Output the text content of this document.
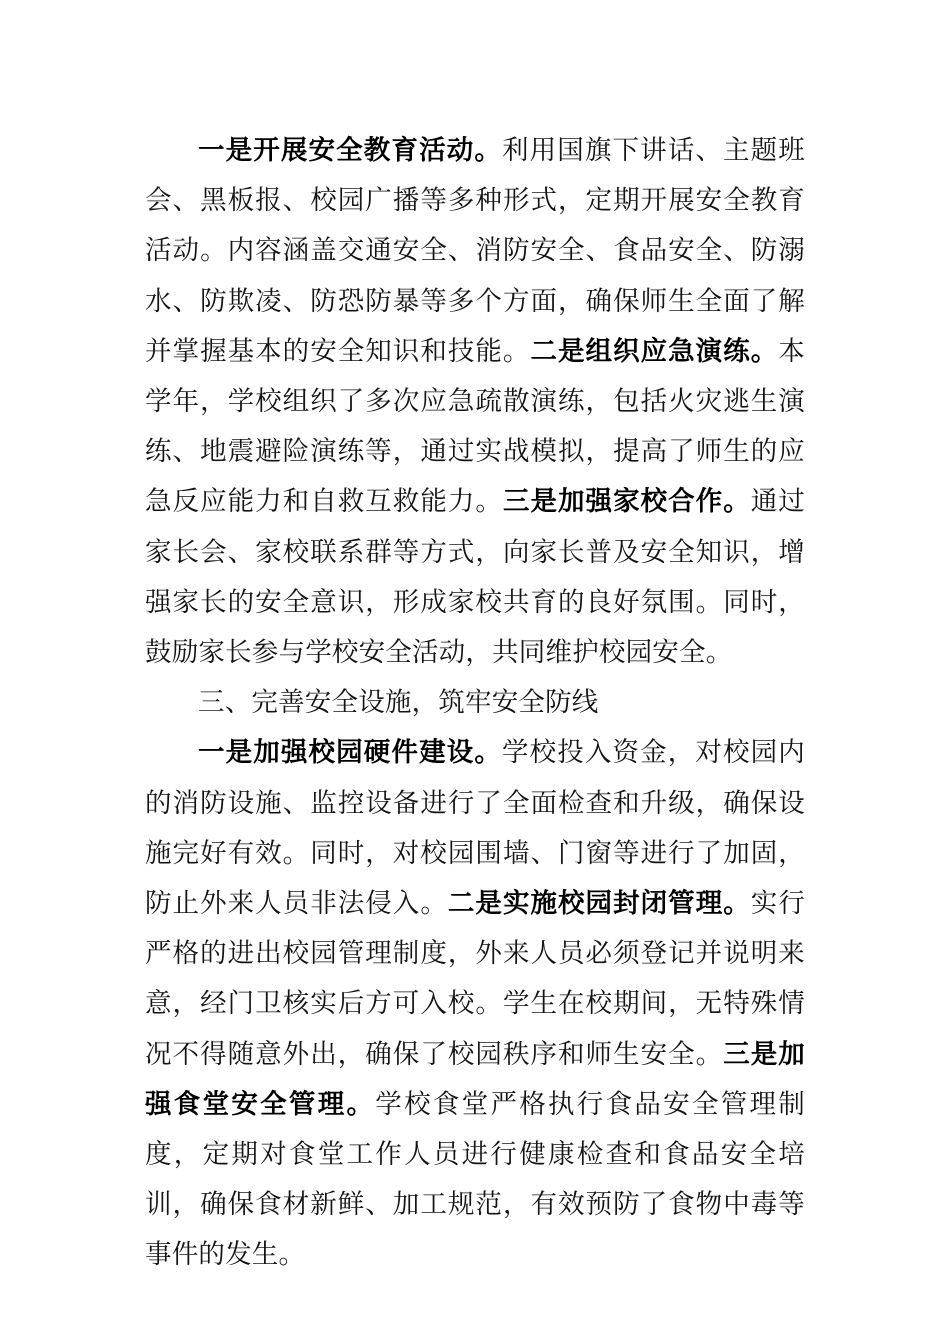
一是开展安全教育活动。利用国旗下讲话、主题班会、黑板报、校园广播等多种形式，定期开展安全教育活动。内容涵盖交通安全、消防安全、食品安全、防溺水、防欺凌、防恐防暴等多个方面，确保师生全面了解并掌握基本的安全知识和技能。二是组织应急演练。本学年，学校组织了多次应急疏散演练，包括火灾逃生演练、地震避险演练等，通过实战模拟，提高了师生的应急反应能力和自救互救能力。三是加强家校合作。通过家长会、家校联系群等方式，向家长普及安全知识，增强家长的安全意识，形成家校共育的良好氛围。同时，鼓励家长参与学校安全活动，共同维护校园安全。

三、完善安全设施，筑牢安全防线

一是加强校园硬件建设。学校投入资金，对校园内的消防设施、监控设备进行了全面检查和升级，确保设施完好有效。同时，对校园围墙、门窗等进行了加固，防止外来人员非法侵入。二是实施校园封闭管理。实行严格的进出校园管理制度，外来人员必须登记并说明来意，经门卫核实后方可入校。学生在校期间，无特殊情况不得随意外出，确保了校园秩序和师生安全。三是加强食堂安全管理。学校食堂严格执行食品安全管理制度，定期对食堂工作人员进行健康检查和食品安全培训，确保食材新鲜、加工规范，有效预防了食物中毒等事件的发生。
